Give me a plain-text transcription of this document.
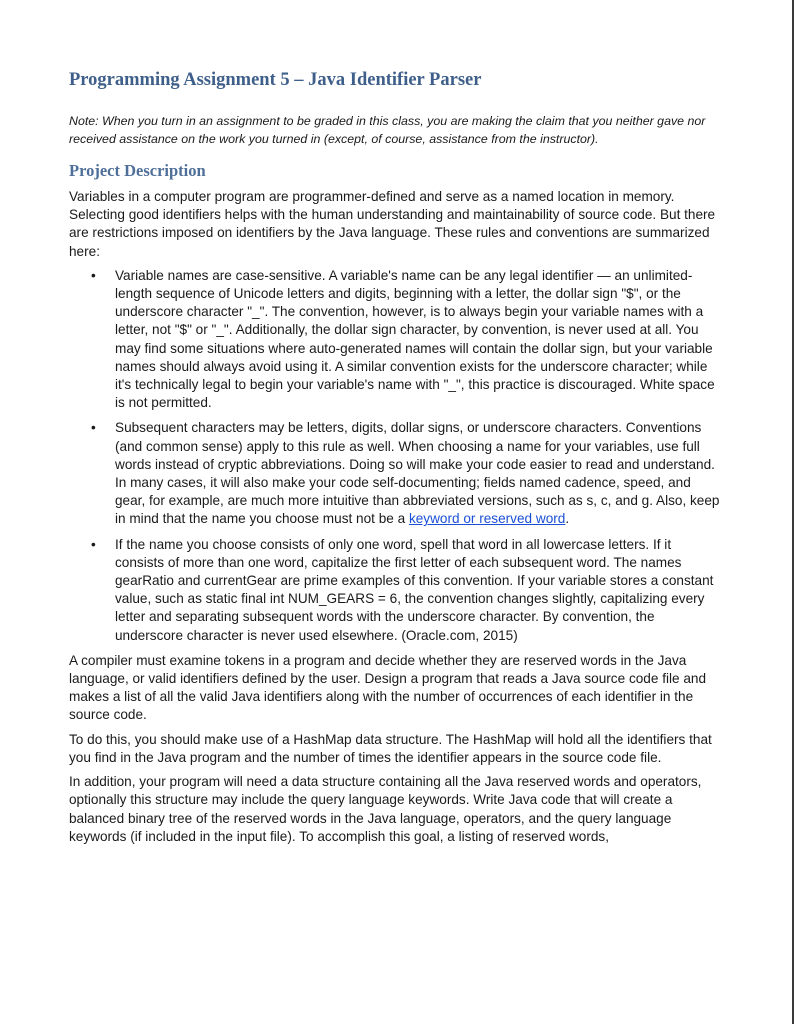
Programming Assignment 5 – Java Identifier Parser

Note: When you turn in an assignment to be graded in this class, you are making the claim that you neither gave nor received assistance on the work you turned in (except, of course, assistance from the instructor).

Project Description

Variables in a computer program are programmer-defined and serve as a named location in memory. Selecting good identifiers helps with the human understanding and maintainability of source code. But there are restrictions imposed on identifiers by the Java language. These rules and conventions are summarized here:

• Variable names are case-sensitive. A variable's name can be any legal identifier — an unlimited-length sequence of Unicode letters and digits, beginning with a letter, the dollar sign "$", or the underscore character "_". The convention, however, is to always begin your variable names with a letter, not "$" or "_". Additionally, the dollar sign character, by convention, is never used at all. You may find some situations where auto-generated names will contain the dollar sign, but your variable names should always avoid using it. A similar convention exists for the underscore character; while it's technically legal to begin your variable's name with "_", this practice is discouraged. White space is not permitted.
• Subsequent characters may be letters, digits, dollar signs, or underscore characters. Conventions (and common sense) apply to this rule as well. When choosing a name for your variables, use full words instead of cryptic abbreviations. Doing so will make your code easier to read and understand. In many cases, it will also make your code self-documenting; fields named cadence, speed, and gear, for example, are much more intuitive than abbreviated versions, such as s, c, and g. Also, keep in mind that the name you choose must not be a keyword or reserved word.
• If the name you choose consists of only one word, spell that word in all lowercase letters. If it consists of more than one word, capitalize the first letter of each subsequent word. The names gearRatio and currentGear are prime examples of this convention. If your variable stores a constant value, such as static final int NUM_GEARS = 6, the convention changes slightly, capitalizing every letter and separating subsequent words with the underscore character. By convention, the underscore character is never used elsewhere. (Oracle.com, 2015)

A compiler must examine tokens in a program and decide whether they are reserved words in the Java language, or valid identifiers defined by the user. Design a program that reads a Java source code file and makes a list of all the valid Java identifiers along with the number of occurrences of each identifier in the source code.

To do this, you should make use of a HashMap data structure. The HashMap will hold all the identifiers that you find in the Java program and the number of times the identifier appears in the source code file.

In addition, your program will need a data structure containing all the Java reserved words and operators, optionally this structure may include the query language keywords. Write Java code that will create a balanced binary tree of the reserved words in the Java language, operators, and the query language keywords (if included in the input file). To accomplish this goal, a listing of reserved words,
